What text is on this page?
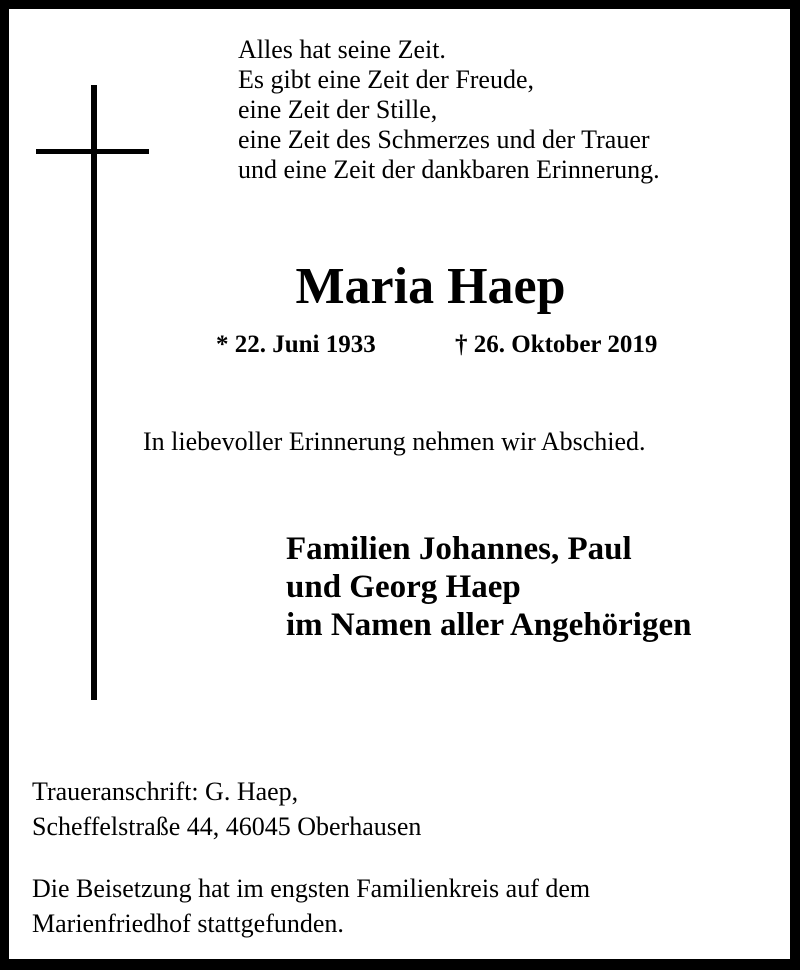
Alles hat seine Zeit.
Es gibt eine Zeit der Freude,
eine Zeit der Stille,
eine Zeit des Schmerzes und der Trauer
und eine Zeit der dankbaren Erinnerung.
Maria Haep
* 22. Juni 1933	† 26. Oktober 2019
In liebevoller Erinnerung nehmen wir Abschied.
Familien Johannes, Paul
und Georg Haep
im Namen aller Angehörigen
Traueranschrift: G. Haep,
Scheffelstraße 44, 46045 Oberhausen
Die Beisetzung hat im engsten Familienkreis auf dem
Marienfriedhof stattgefunden.
